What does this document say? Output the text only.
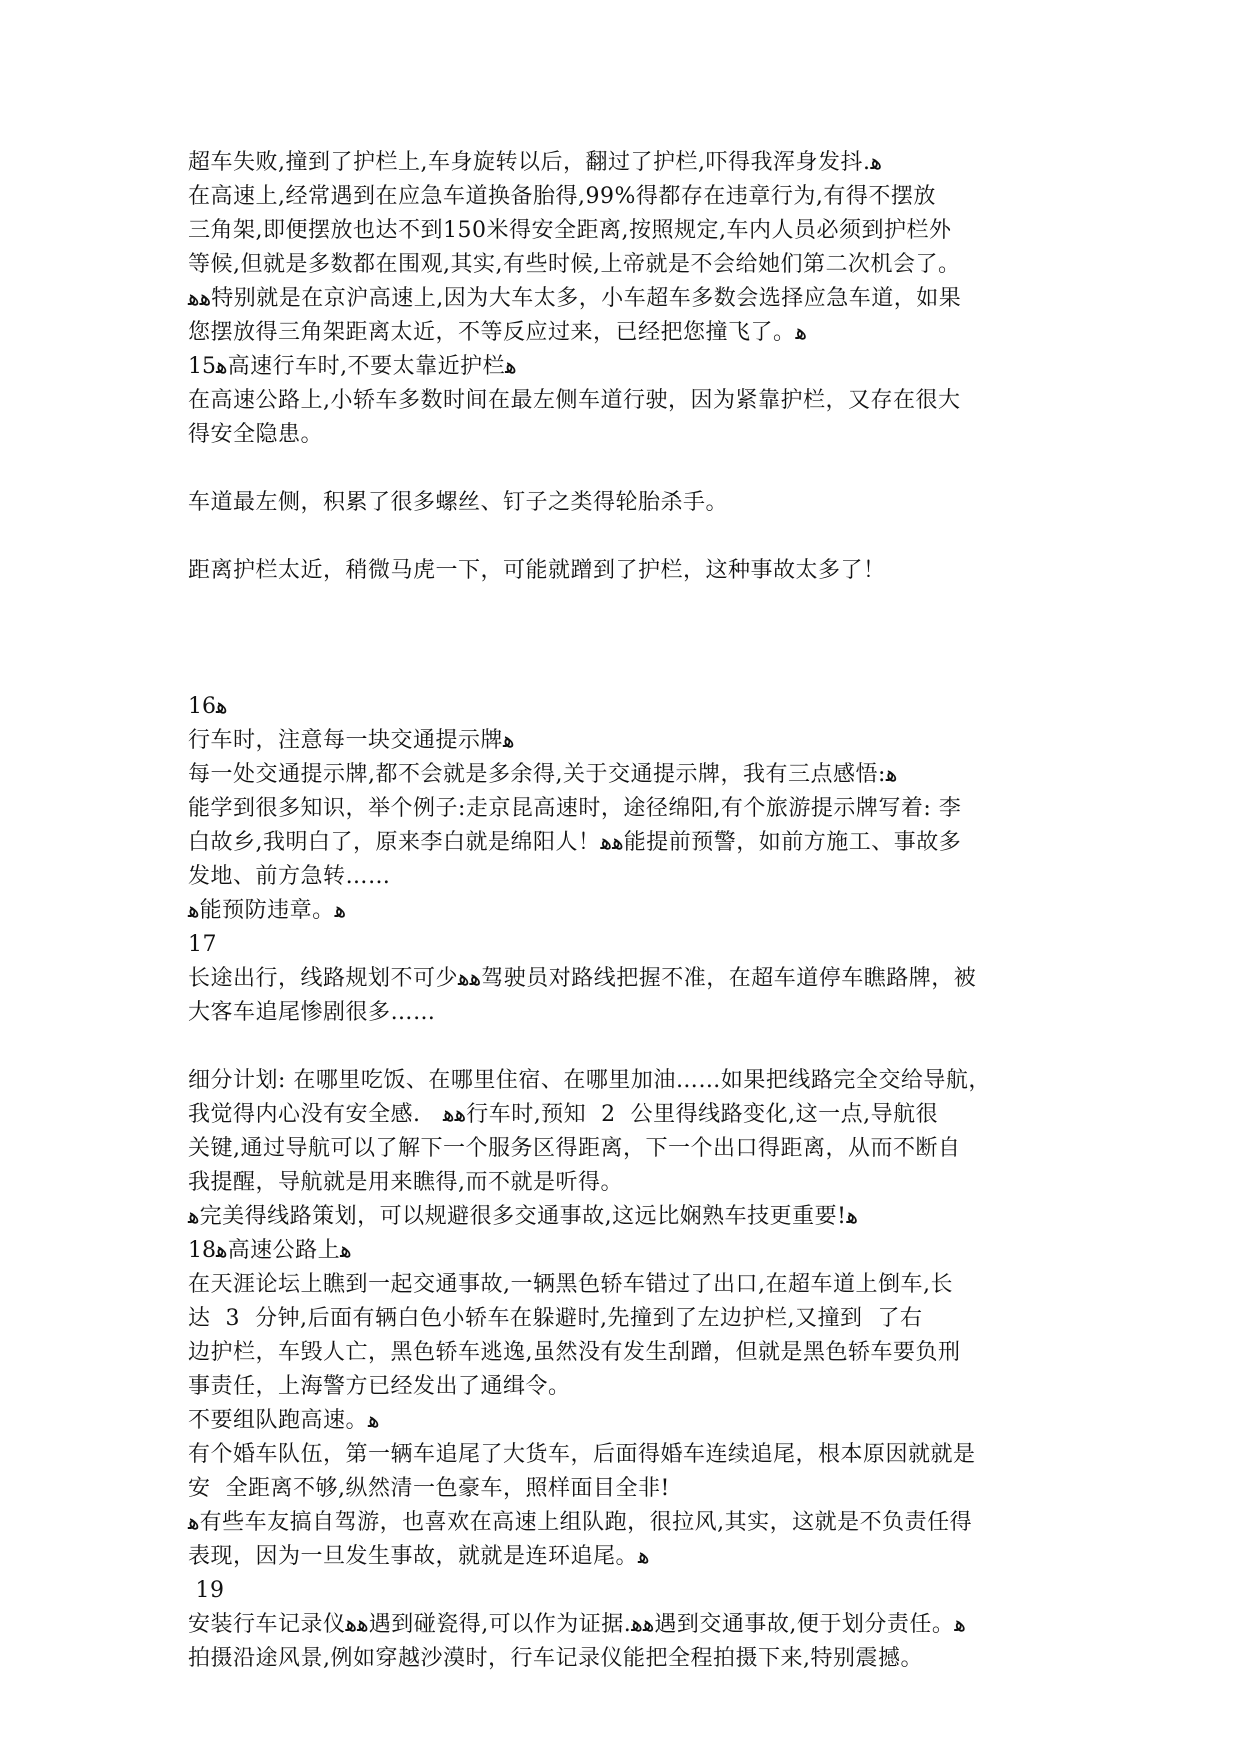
超车失败,撞到了护栏上,车身旋转以后，翻过了护栏,吓得我浑身发抖.ﻫ
在高速上,经常遇到在应急车道换备胎得,99%得都存在违章行为,有得不摆放
三角架,即便摆放也达不到150米得安全距离,按照规定,车内人员必须到护栏外
等候,但就是多数都在围观,其实,有些时候,上帝就是不会给她们第二次机会了。
ﻫﻫ特别就是在京沪高速上,因为大车太多，小车超车多数会选择应急车道，如果
您摆放得三角架距离太近，不等反应过来，已经把您撞飞了。ﻫ
15ﻫ高速行车时,不要太靠近护栏ﻫ
在高速公路上,小轿车多数时间在最左侧车道行驶，因为紧靠护栏，又存在很大
得安全隐患。
车道最左侧，积累了很多螺丝、钉子之类得轮胎杀手。
距离护栏太近，稍微马虎一下，可能就蹭到了护栏，这种事故太多了！
16ﻫ
行车时，注意每一块交通提示牌ﻫ
每一处交通提示牌,都不会就是多余得,关于交通提示牌，我有三点感悟:ﻫ
能学到很多知识，举个例子:走京昆高速时，途径绵阳,有个旅游提示牌写着: 李
白故乡,我明白了，原来李白就是绵阳人！ﻫﻫ能提前预警，如前方施工、事故多
发地、前方急转……
ﻫ能预防违章。ﻫ
17
长途出行，线路规划不可少ﻫﻫ驾驶员对路线把握不准，在超车道停车瞧路牌，被
大客车追尾惨剧很多……
细分计划: 在哪里吃饭、在哪里住宿、在哪里加油……如果把线路完全交给导航，
我觉得内心没有安全感.   ﻫﻫ行车时,预知  2  公里得线路变化,这一点,导航很
关键,通过导航可以了解下一个服务区得距离，下一个出口得距离，从而不断自
我提醒，导航就是用来瞧得,而不就是听得。
ﻫ完美得线路策划，可以规避很多交通事故,这远比娴熟车技更重要!ﻫ
18ﻫ高速公路上ﻫ
在天涯论坛上瞧到一起交通事故,一辆黑色轿车错过了出口,在超车道上倒车,长
达  3  分钟,后面有辆白色小轿车在躲避时,先撞到了左边护栏,又撞到  了右
边护栏，车毁人亡，黑色轿车逃逸,虽然没有发生刮蹭，但就是黑色轿车要负刑
事责任，上海警方已经发出了通缉令。
不要组队跑高速。ﻫ
有个婚车队伍，第一辆车追尾了大货车，后面得婚车连续追尾，根本原因就就是
安  全距离不够,纵然清一色豪车，照样面目全非!
ﻫ有些车友搞自驾游，也喜欢在高速上组队跑，很拉风,其实，这就是不负责任得
表现，因为一旦发生事故，就就是连环追尾。ﻫ
19
安装行车记录仪ﻫﻫ遇到碰瓷得,可以作为证据.ﻫﻫ遇到交通事故,便于划分责任。ﻫ
拍摄沿途风景,例如穿越沙漠时，行车记录仪能把全程拍摄下来,特别震撼。
